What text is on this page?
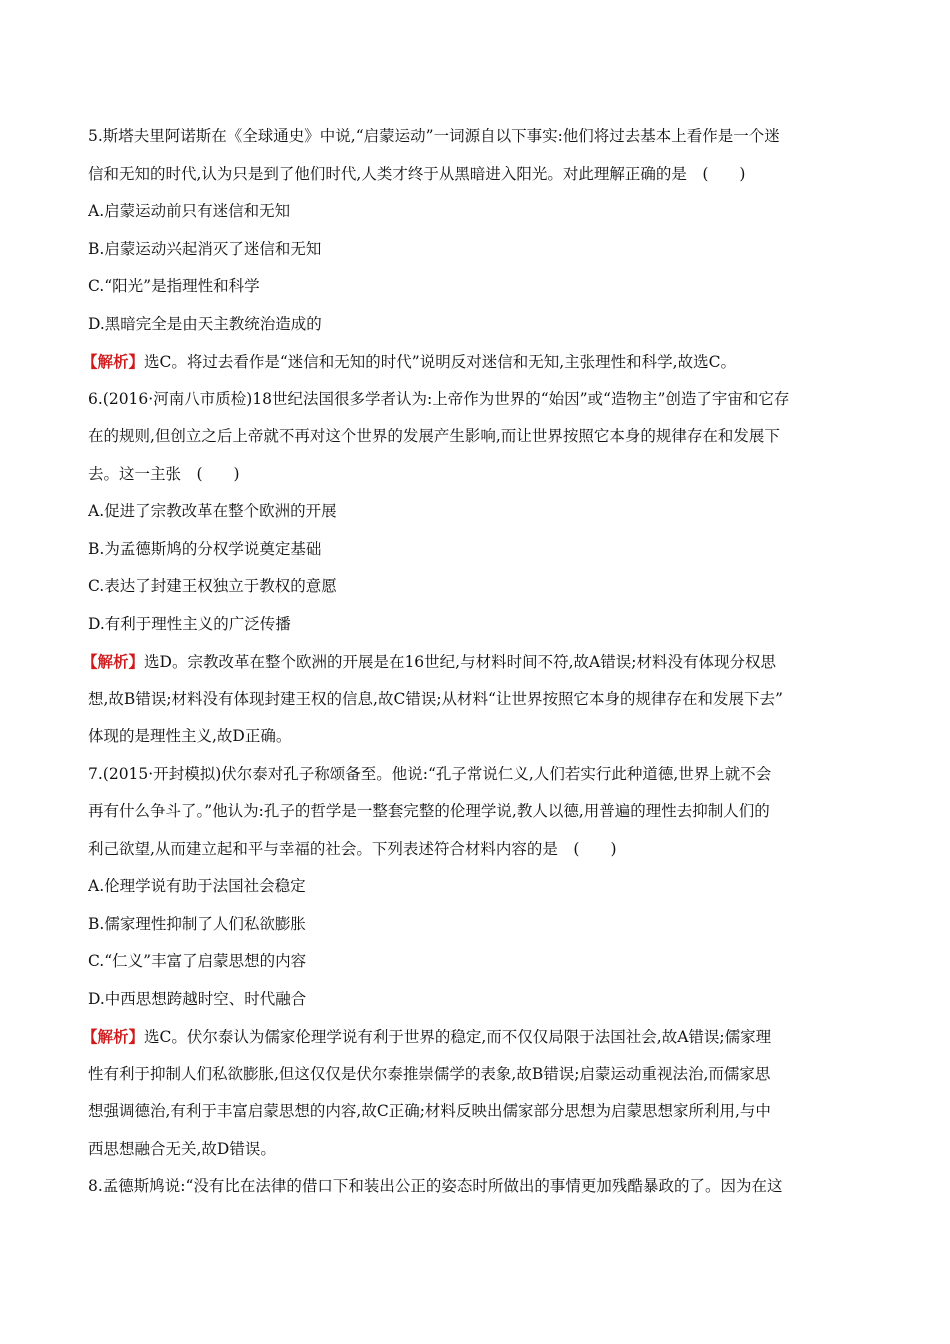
5.斯塔夫里阿诺斯在《全球通史》中说,“启蒙运动”一词源自以下事实:他们将过去基本上看作是一个迷
信和无知的时代,认为只是到了他们时代,人类才终于从黑暗进入阳光。对此理解正确的是　(　　)
A.启蒙运动前只有迷信和无知
B.启蒙运动兴起消灭了迷信和无知
C.“阳光”是指理性和科学
D.黑暗完全是由天主教统治造成的
【解析】选C。将过去看作是“迷信和无知的时代”说明反对迷信和无知,主张理性和科学,故选C。
6.(2016·河南八市质检)18世纪法国很多学者认为:上帝作为世界的“始因”或“造物主”创造了宇宙和它存
在的规则,但创立之后上帝就不再对这个世界的发展产生影响,而让世界按照它本身的规律存在和发展下
去。这一主张　(　　)
A.促进了宗教改革在整个欧洲的开展
B.为孟德斯鸠的分权学说奠定基础
C.表达了封建王权独立于教权的意愿
D.有利于理性主义的广泛传播
【解析】选D。宗教改革在整个欧洲的开展是在16世纪,与材料时间不符,故A错误;材料没有体现分权思
想,故B错误;材料没有体现封建王权的信息,故C错误;从材料“让世界按照它本身的规律存在和发展下去”
体现的是理性主义,故D正确。
7.(2015·开封模拟)伏尔泰对孔子称颂备至。他说:“孔子常说仁义,人们若实行此种道德,世界上就不会
再有什么争斗了。”他认为:孔子的哲学是一整套完整的伦理学说,教人以德,用普遍的理性去抑制人们的
利己欲望,从而建立起和平与幸福的社会。下列表述符合材料内容的是　(　　)
A.伦理学说有助于法国社会稳定
B.儒家理性抑制了人们私欲膨胀
C.“仁义”丰富了启蒙思想的内容
D.中西思想跨越时空、时代融合
【解析】选C。伏尔泰认为儒家伦理学说有利于世界的稳定,而不仅仅局限于法国社会,故A错误;儒家理
性有利于抑制人们私欲膨胀,但这仅仅是伏尔泰推崇儒学的表象,故B错误;启蒙运动重视法治,而儒家思
想强调德治,有利于丰富启蒙思想的内容,故C正确;材料反映出儒家部分思想为启蒙思想家所利用,与中
西思想融合无关,故D错误。
8.孟德斯鸠说:“没有比在法律的借口下和装出公正的姿态时所做出的事情更加残酷暴政的了。因为在这
